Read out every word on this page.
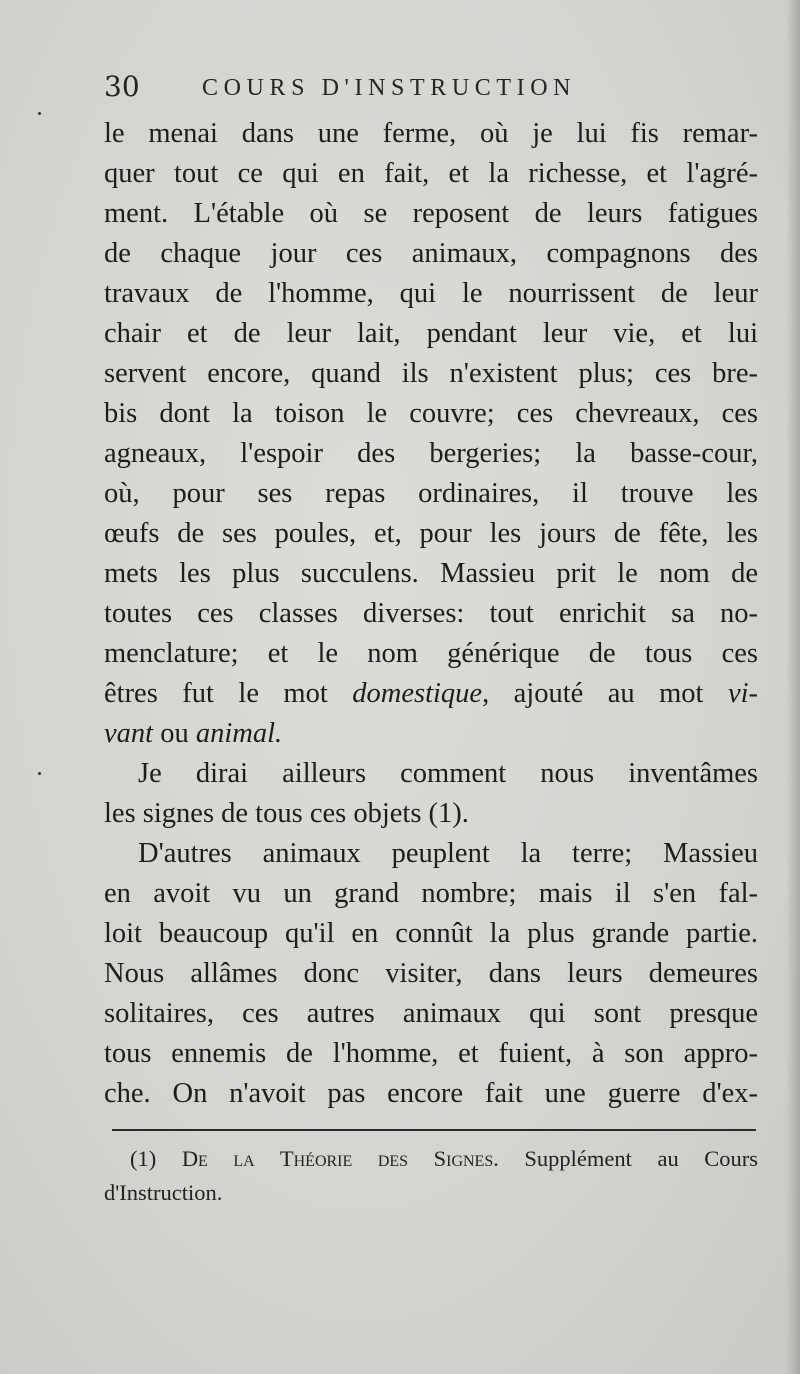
30	COURS D'INSTRUCTION
le menai dans une ferme, où je lui fis remar-
quer tout ce qui en fait, et la richesse, et l'agré-
ment. L'étable où se reposent de leurs fatigues
de chaque jour ces animaux, compagnons des
travaux de l'homme, qui le nourrissent de leur
chair et de leur lait, pendant leur vie, et lui
servent encore, quand ils n'existent plus; ces bre-
bis dont la toison le couvre; ces chevreaux, ces
agneaux, l'espoir des bergeries; la basse-cour,
où, pour ses repas ordinaires, il trouve les
œufs de ses poules, et, pour les jours de fête, les
mets les plus succulens. Massieu prit le nom de
toutes ces classes diverses: tout enrichit sa no-
menclature; et le nom générique de tous ces
êtres fut le mot domestique, ajouté au mot vi-
vant ou animal.
Je dirai ailleurs comment nous inventâmes
les signes de tous ces objets (1).
D'autres animaux peuplent la terre; Massieu
en avoit vu un grand nombre; mais il s'en fal-
loit beaucoup qu'il en connût la plus grande partie.
Nous allâmes donc visiter, dans leurs demeures
solitaires, ces autres animaux qui sont presque
tous ennemis de l'homme, et fuient, à son appro-
che. On n'avoit pas encore fait une guerre d'ex-
(1) De la Théorie des Signes. Supplément au Cours
d'Instruction.
